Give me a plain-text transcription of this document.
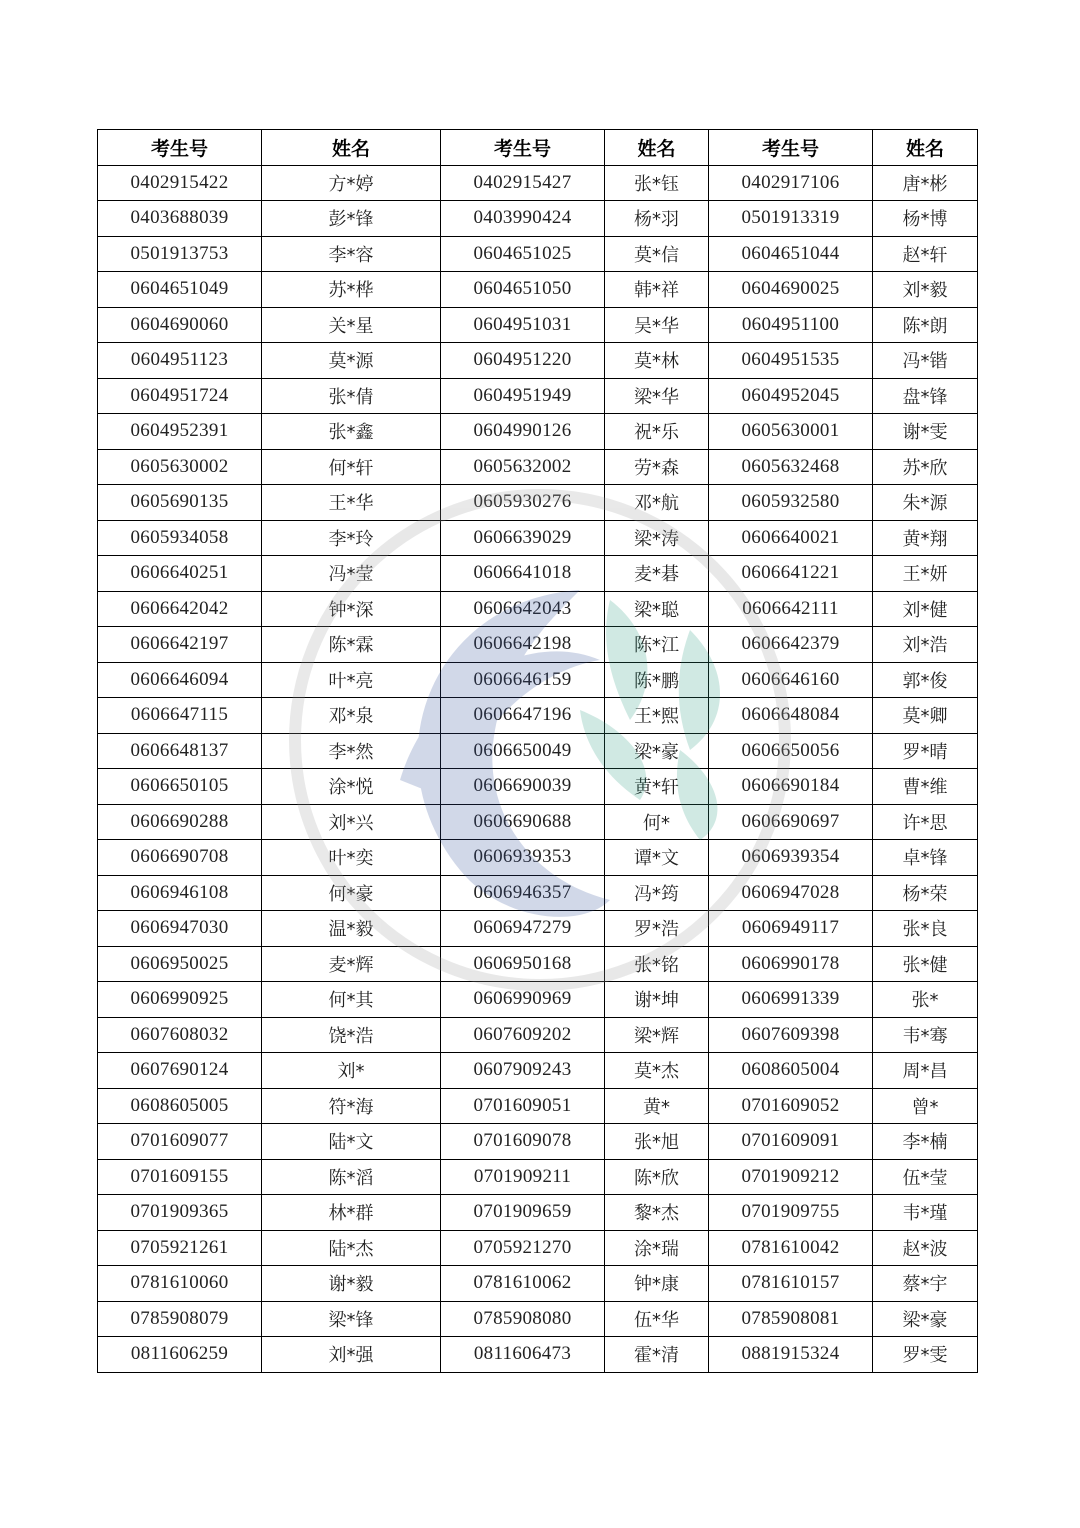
考生号	姓名	考生号	姓名	考生号	姓名
0402915422	方*婷	0402915427	张*钰	0402917106	唐*彬
0403688039	彭*锋	0403990424	杨*羽	0501913319	杨*博
0501913753	李*容	0604651025	莫*信	0604651044	赵*轩
0604651049	苏*桦	0604651050	韩*祥	0604690025	刘*毅
0604690060	关*星	0604951031	吴*华	0604951100	陈*朗
0604951123	莫*源	0604951220	莫*林	0604951535	冯*锴
0604951724	张*倩	0604951949	梁*华	0604952045	盘*锋
0604952391	张*鑫	0604990126	祝*乐	0605630001	谢*雯
0605630002	何*轩	0605632002	劳*森	0605632468	苏*欣
0605690135	王*华	0605930276	邓*航	0605932580	朱*源
0605934058	李*玲	0606639029	梁*涛	0606640021	黄*翔
0606640251	冯*莹	0606641018	麦*碁	0606641221	王*妍
0606642042	钟*深	0606642043	梁*聪	0606642111	刘*健
0606642197	陈*霖	0606642198	陈*江	0606642379	刘*浩
0606646094	叶*亮	0606646159	陈*鹏	0606646160	郭*俊
0606647115	邓*泉	0606647196	王*熙	0606648084	莫*卿
0606648137	李*然	0606650049	梁*豪	0606650056	罗*晴
0606650105	涂*悦	0606690039	黄*轩	0606690184	曹*维
0606690288	刘*兴	0606690688	何*	0606690697	许*思
0606690708	叶*奕	0606939353	谭*文	0606939354	卓*锋
0606946108	何*豪	0606946357	冯*筠	0606947028	杨*荣
0606947030	温*毅	0606947279	罗*浩	0606949117	张*良
0606950025	麦*辉	0606950168	张*铭	0606990178	张*健
0606990925	何*其	0606990969	谢*坤	0606991339	张*
0607608032	饶*浩	0607609202	梁*辉	0607609398	韦*骞
0607690124	刘*	0607909243	莫*杰	0608605004	周*昌
0608605005	符*海	0701609051	黄*	0701609052	曾*
0701609077	陆*文	0701609078	张*旭	0701609091	李*楠
0701609155	陈*滔	0701909211	陈*欣	0701909212	伍*莹
0701909365	林*群	0701909659	黎*杰	0701909755	韦*瑾
0705921261	陆*杰	0705921270	涂*瑞	0781610042	赵*波
0781610060	谢*毅	0781610062	钟*康	0781610157	蔡*宇
0785908079	梁*锋	0785908080	伍*华	0785908081	梁*豪
0811606259	刘*强	0811606473	霍*清	0881915324	罗*雯
